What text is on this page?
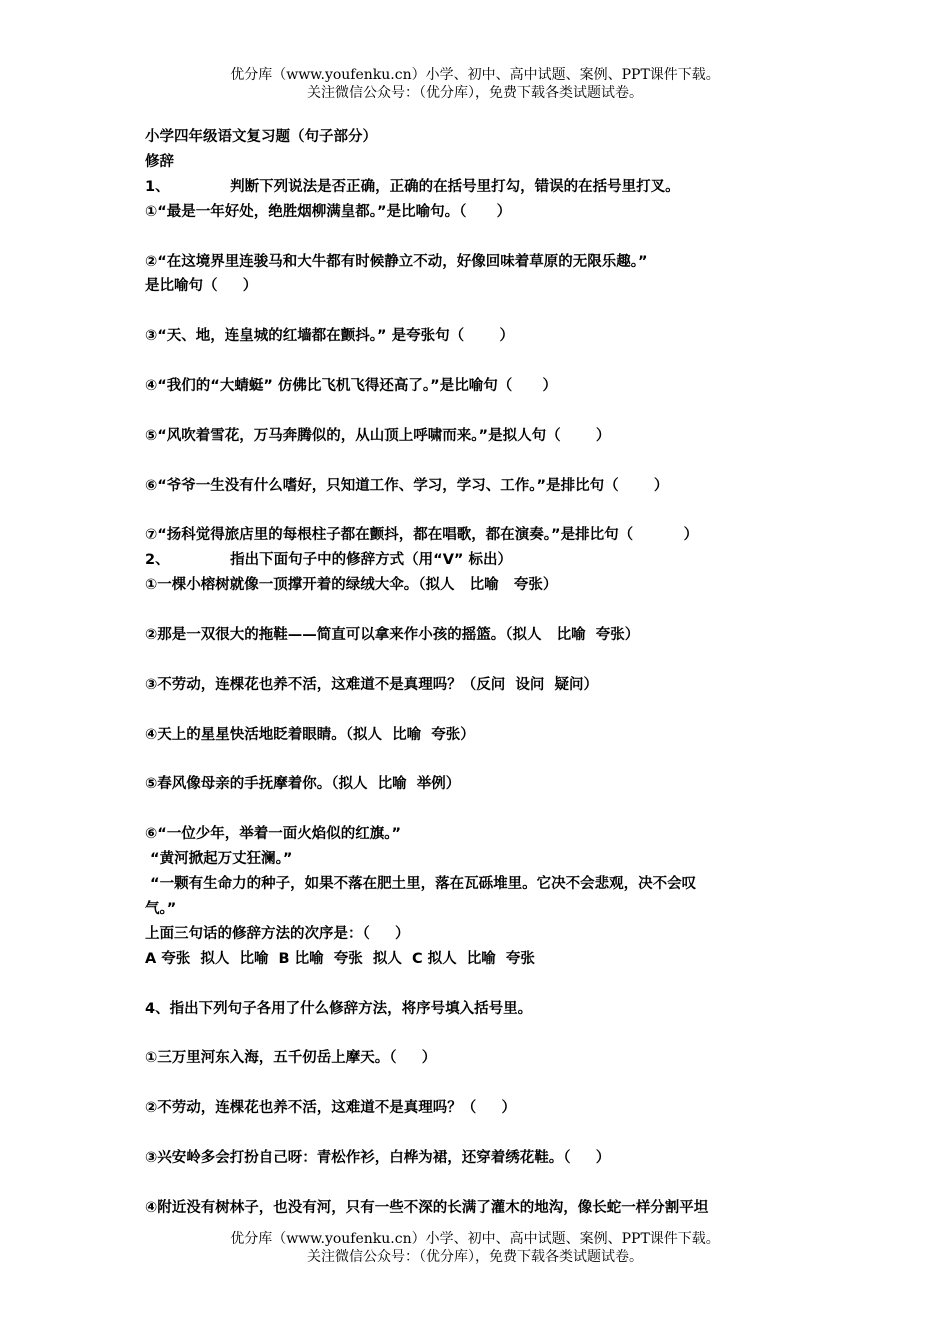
优分库（www.youfenku.cn）小学、初中、高中试题、案例、PPT课件下载。
关注微信公众号：（优分库），免费下载各类试题试卷。
小学四年级语文复习题（句子部分）
修辞
1、            判断下列说法是否正确，正确的在括号里打勾，错误的在括号里打叉。
①“最是一年好处，绝胜烟柳满皇都。”是比喻句。（      ）
②“在这境界里连骏马和大牛都有时候静立不动，好像回味着草原的无限乐趣。”
是比喻句（     ）
③“天、地，连皇城的红墙都在颤抖。” 是夸张句（       ）
④“我们的“大蜻蜓” 仿佛比飞机飞得还高了。”是比喻句（      ）
⑤“风吹着雪花，万马奔腾似的，从山顶上呼啸而来。”是拟人句（       ）
⑥“爷爷一生没有什么嗜好，只知道工作、学习，学习、工作。”是排比句（       ）
⑦“扬科觉得旅店里的每根柱子都在颤抖，都在唱歌，都在演奏。”是排比句（          ）
2、            指出下面句子中的修辞方式（用“V” 标出）
①一棵小榕树就像一顶撑开着的绿绒大伞。（拟人   比喻   夸张）
②那是一双很大的拖鞋——简直可以拿来作小孩的摇篮。（拟人   比喻  夸张）
③不劳动，连棵花也养不活，这难道不是真理吗？（反问  设问  疑问）
④天上的星星快活地眨着眼睛。（拟人  比喻  夸张）
⑤春风像母亲的手抚摩着你。（拟人  比喻  举例）
⑥“一位少年，举着一面火焰似的红旗。”
“黄河掀起万丈狂澜。”
“一颗有生命力的种子，如果不落在肥土里，落在瓦砾堆里。它决不会悲观，决不会叹
气。”
上面三句话的修辞方法的次序是：（     ）
A 夸张  拟人  比喻  B 比喻  夸张  拟人  C 拟人  比喻  夸张
4、指出下列句子各用了什么修辞方法，将序号填入括号里。
①三万里河东入海，五千仞岳上摩天。（     ）
②不劳动，连棵花也养不活，这难道不是真理吗？（     ）
③兴安岭多会打扮自己呀：青松作衫，白桦为裙，还穿着绣花鞋。（     ）
④附近没有树林子，也没有河，只有一些不深的长满了灌木的地沟，像长蛇一样分割平坦
优分库（www.youfenku.cn）小学、初中、高中试题、案例、PPT课件下载。
关注微信公众号：（优分库），免费下载各类试题试卷。
